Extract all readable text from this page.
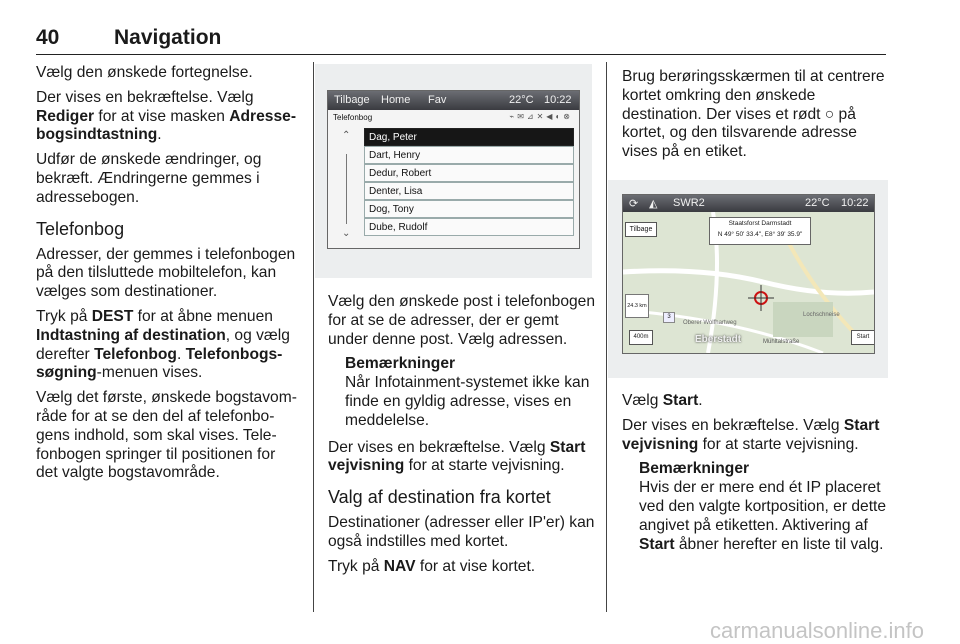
40	Navigation

Vælg den ønskede fortegnelse.

Der vises en bekræftelse. Vælg Rediger for at vise masken Adressebogsindtastning.

Udfør de ønskede ændringer, og bekræft. Ændringerne gemmes i adressebogen.

Telefonbog

Adresser, der gemmes i telefonbogen på den tilsluttede mobiltelefon, kan vælges som destinationer.

Tryk på DEST for at åbne menuen Indtastning af destination, og vælg derefter Telefonbog. Telefonbogssøgning-menuen vises.

Vælg det første, ønskede bogstavområde for at se den del af telefonbogens indhold, som skal vises. Telefonbogen springer til positionen for det valgte bogstavområde.

Tilbage Home Fav	22°C 10:22
Telefonbog	⌁✉⊿✕◀◐⊗
⌃
⌄
Dag, Peter
Dart, Henry
Dedur, Robert
Denter, Lisa
Dog, Tony
Dube, Rudolf

Vælg den ønskede post i telefonbogen for at se de adresser, der er gemt under denne post. Vælg adressen.

Bemærkninger
Når Infotainment-systemet ikke kan finde en gyldig adresse, vises en meddelelse.

Der vises en bekræftelse. Vælg Start vejvisning for at starte vejvisning.

Valg af destination fra kortet

Destinationer (adresser eller IP'er) kan også indstilles med kortet.

Tryk på NAV for at vise kortet.

Brug berøringsskærmen til at centrere kortet omkring den ønskede destination. Der vises et rødt ○ på kortet, og den tilsvarende adresse vises på en etiket.

⟳ ◭ SWR2	22°C 10:22
Tilbage
Staatsforst Darmstadt
N 49° 50' 33.4", E8° 39' 35.9"
24.3 km
Oberer Wolfhartweg
Lochschneise
Mühltalstraße
Eberstadt
400m	Start
3

Vælg Start.

Der vises en bekræftelse. Vælg Start vejvisning for at starte vejvisning.

Bemærkninger
Hvis der er mere end ét IP placeret ved den valgte kortposition, er dette angivet på etiketten. Aktivering af Start åbner herefter en liste til valg.
carmanualsonline.info
